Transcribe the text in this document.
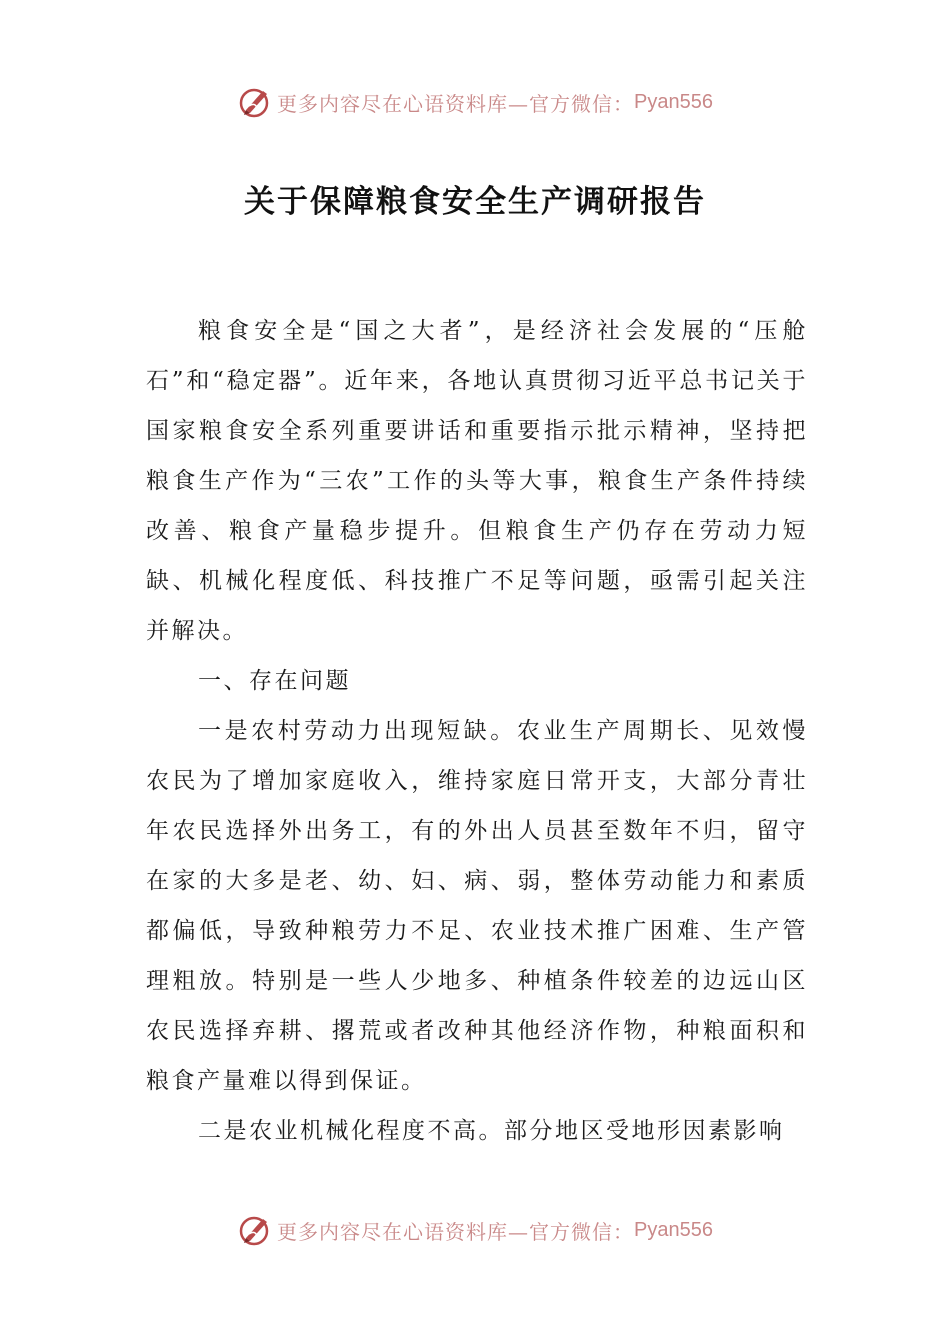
更多内容尽在心语资料库—官方微信： Pyan556
关于保障粮食安全生产调研报告

粮食安全是“国之大者”，是经济社会发展的“压舱石”和“稳定器”。近年来，各地认真贯彻习近平总书记关于国家粮食安全系列重要讲话和重要指示批示精神，坚持把粮食生产作为“三农”工作的头等大事，粮食生产条件持续改善、粮食产量稳步提升。但粮食生产仍存在劳动力短缺、机械化程度低、科技推广不足等问题，亟需引起关注并解决。

一、存在问题

一是农村劳动力出现短缺。农业生产周期长、见效慢农民为了增加家庭收入，维持家庭日常开支，大部分青壮年农民选择外出务工，有的外出人员甚至数年不归，留守在家的大多是老、幼、妇、病、弱，整体劳动能力和素质都偏低，导致种粮劳力不足、农业技术推广困难、生产管理粗放。特别是一些人少地多、种植条件较差的边远山区农民选择弃耕、撂荒或者改种其他经济作物，种粮面积和粮食产量难以得到保证。

二是农业机械化程度不高。部分地区受地形因素影响

更多内容尽在心语资料库—官方微信： Pyan556
